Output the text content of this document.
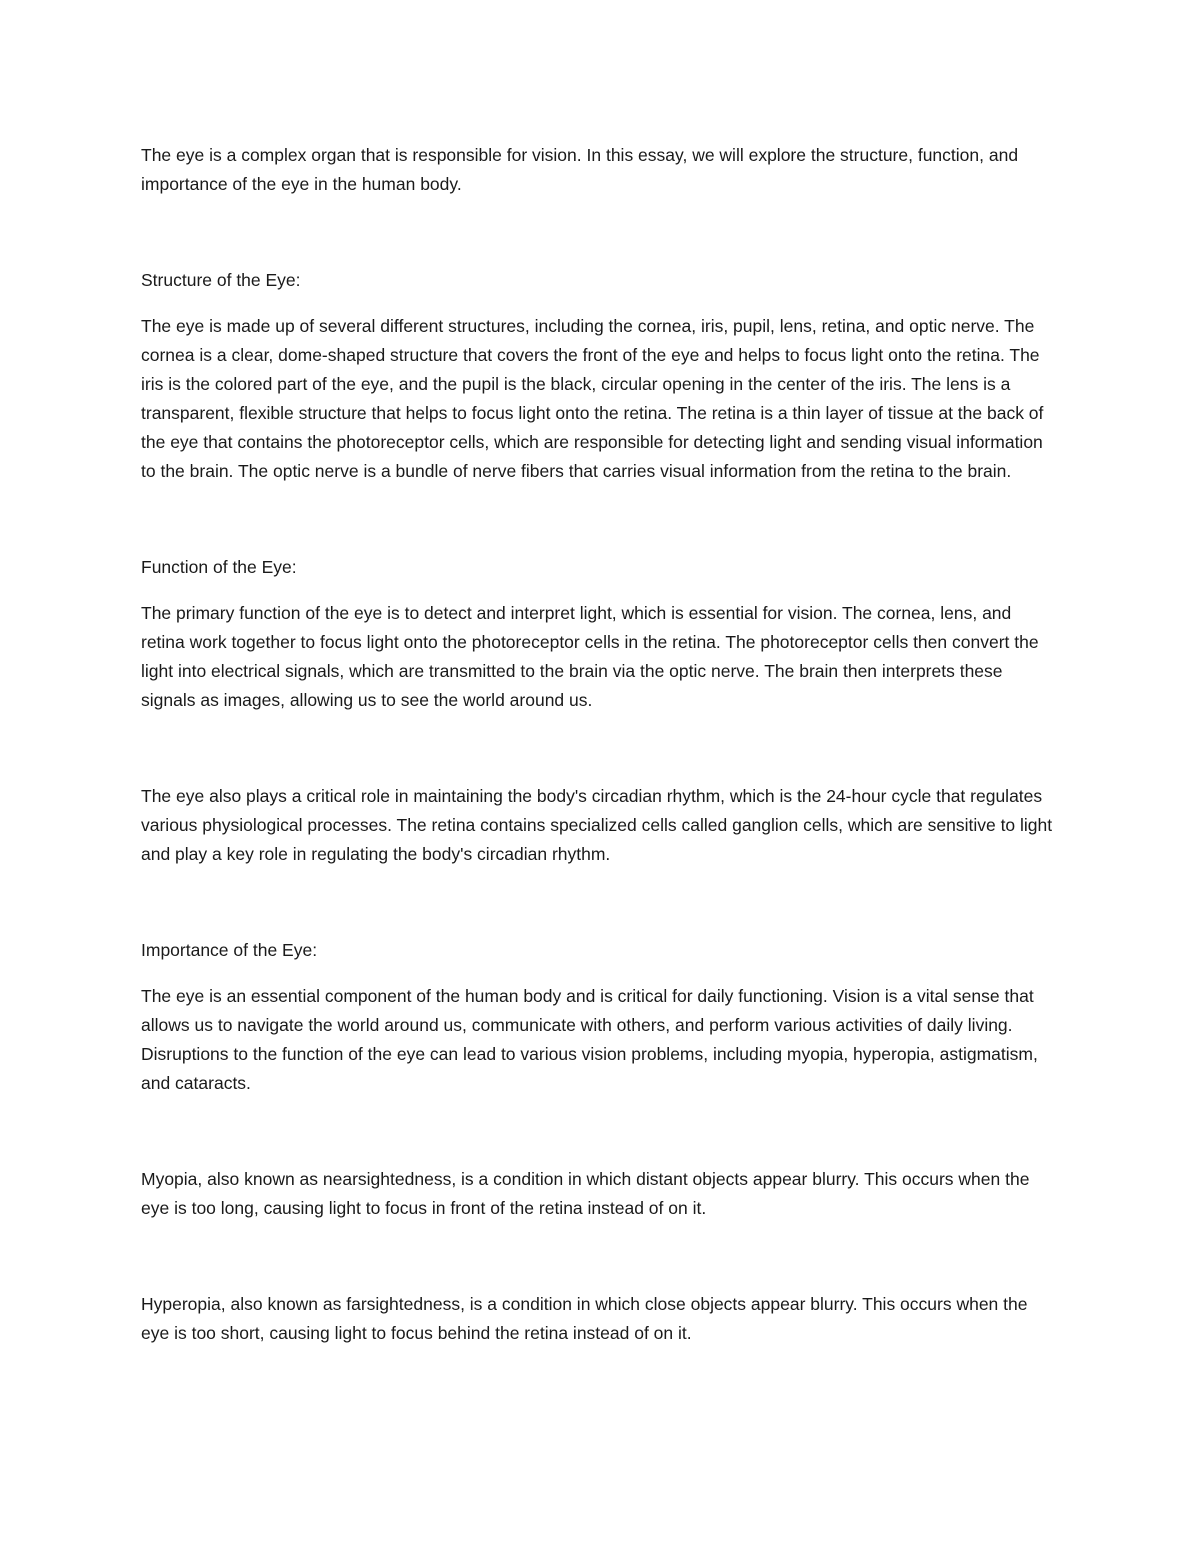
The eye is a complex organ that is responsible for vision. In this essay, we will explore the structure, function, and importance of the eye in the human body.

Structure of the Eye:

The eye is made up of several different structures, including the cornea, iris, pupil, lens, retina, and optic nerve. The cornea is a clear, dome-shaped structure that covers the front of the eye and helps to focus light onto the retina. The iris is the colored part of the eye, and the pupil is the black, circular opening in the center of the iris. The lens is a transparent, flexible structure that helps to focus light onto the retina. The retina is a thin layer of tissue at the back of the eye that contains the photoreceptor cells, which are responsible for detecting light and sending visual information to the brain. The optic nerve is a bundle of nerve fibers that carries visual information from the retina to the brain.

Function of the Eye:

The primary function of the eye is to detect and interpret light, which is essential for vision. The cornea, lens, and retina work together to focus light onto the photoreceptor cells in the retina. The photoreceptor cells then convert the light into electrical signals, which are transmitted to the brain via the optic nerve. The brain then interprets these signals as images, allowing us to see the world around us.

The eye also plays a critical role in maintaining the body's circadian rhythm, which is the 24-hour cycle that regulates various physiological processes. The retina contains specialized cells called ganglion cells, which are sensitive to light and play a key role in regulating the body's circadian rhythm.

Importance of the Eye:

The eye is an essential component of the human body and is critical for daily functioning. Vision is a vital sense that allows us to navigate the world around us, communicate with others, and perform various activities of daily living. Disruptions to the function of the eye can lead to various vision problems, including myopia, hyperopia, astigmatism, and cataracts.

Myopia, also known as nearsightedness, is a condition in which distant objects appear blurry. This occurs when the eye is too long, causing light to focus in front of the retina instead of on it.

Hyperopia, also known as farsightedness, is a condition in which close objects appear blurry. This occurs when the eye is too short, causing light to focus behind the retina instead of on it.
